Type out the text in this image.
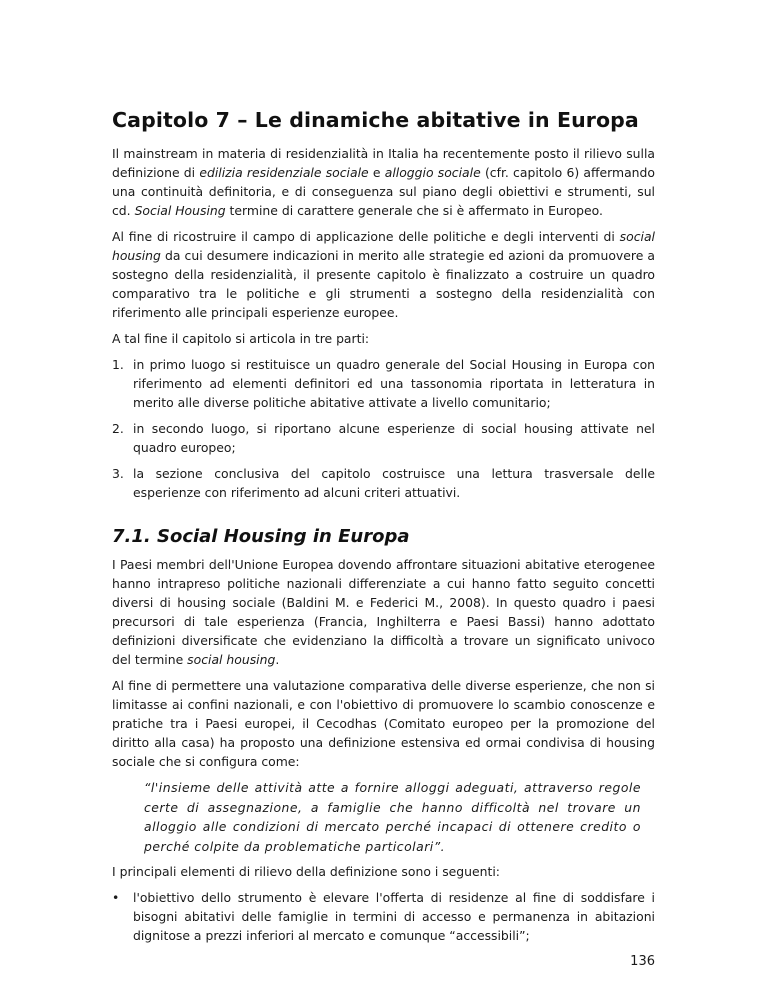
Capitolo 7 – Le dinamiche abitative in Europa

Il mainstream in materia di residenzialità in Italia ha recentemente posto il rilievo sulla definizione di edilizia residenziale sociale e alloggio sociale (cfr. capitolo 6) affermando una continuità definitoria, e di conseguenza sul piano degli obiettivi e strumenti, sul cd. Social Housing termine di carattere generale che si è affermato in Europeo.

Al fine di ricostruire il campo di applicazione delle politiche e degli interventi di social housing da cui desumere indicazioni in merito alle strategie ed azioni da promuovere a sostegno della residenzialità, il presente capitolo è finalizzato a costruire un quadro comparativo tra le politiche e gli strumenti a sostegno della residenzialità con riferimento alle principali esperienze europee.

A tal fine il capitolo si articola in tre parti:

1. in primo luogo si restituisce un quadro generale del Social Housing in Europa con riferimento ad elementi definitori ed una tassonomia riportata in letteratura in merito alle diverse politiche abitative attivate a livello comunitario;
2. in secondo luogo, si riportano alcune esperienze di social housing attivate nel quadro europeo;
3. la sezione conclusiva del capitolo costruisce una lettura trasversale delle esperienze con riferimento ad alcuni criteri attuativi.
7.1. Social Housing in Europa

I Paesi membri dell'Unione Europea dovendo affrontare situazioni abitative eterogenee hanno intrapreso politiche nazionali differenziate a cui hanno fatto seguito concetti diversi di housing sociale (Baldini M. e Federici M., 2008). In questo quadro i paesi precursori di tale esperienza (Francia, Inghilterra e Paesi Bassi) hanno adottato definizioni diversificate che evidenziano la difficoltà a trovare un significato univoco del termine social housing.

Al fine di permettere una valutazione comparativa delle diverse esperienze, che non si limitasse ai confini nazionali, e con l'obiettivo di promuovere lo scambio conoscenze e pratiche tra i Paesi europei, il Cecodhas (Comitato europeo per la promozione del diritto alla casa) ha proposto una definizione estensiva ed ormai condivisa di housing sociale che si configura come:

“l'insieme delle attività atte a fornire alloggi adeguati, attraverso regole certe di assegnazione, a famiglie che hanno difficoltà nel trovare un alloggio alle condizioni di mercato perché incapaci di ottenere credito o perché colpite da problematiche particolari”.

I principali elementi di rilievo della definizione sono i seguenti:

• l'obiettivo dello strumento è elevare l'offerta di residenze al fine di soddisfare i bisogni abitativi delle famiglie in termini di accesso e permanenza in abitazioni dignitose a prezzi inferiori al mercato e comunque “accessibili”;
136
